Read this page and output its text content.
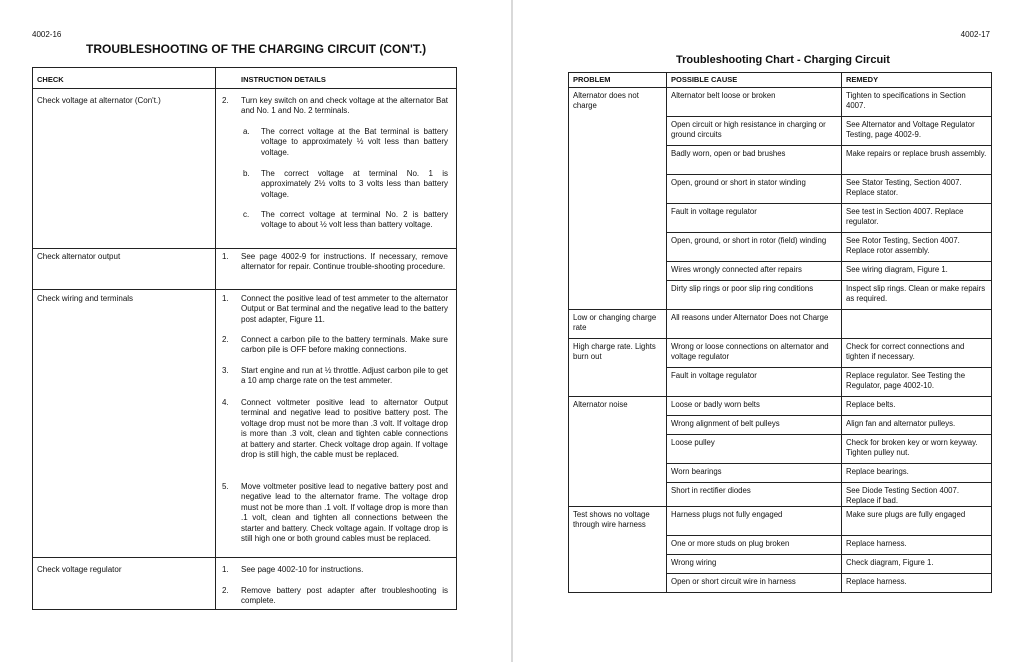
4002-16
TROUBLESHOOTING OF THE CHARGING CIRCUIT (CON'T.)
CHECK	INSTRUCTION DETAILS
Check voltage at alternator (Con't.)	2. Turn key switch on and check voltage at the alternator Bat and No. 1 and No. 2 terminals.
a. The correct voltage at the Bat terminal is battery voltage to approximately ½ volt less than battery voltage.
b. The correct voltage at terminal No. 1 is approximately 2½ volts to 3 volts less than battery voltage.
c. The correct voltage at terminal No. 2 is battery voltage to about ½ volt less than battery voltage.
Check alternator output	1. See page 4002-9 for instructions. If necessary, remove alternator for repair. Continue trouble-shooting procedure.
Check wiring and terminals	1. Connect the positive lead of test ammeter to the alternator Output or Bat terminal and the negative lead to the battery post adapter, Figure 11.
2. Connect a carbon pile to the battery terminals. Make sure carbon pile is OFF before making connections.
3. Start engine and run at ½ throttle. Adjust carbon pile to get a 10 amp charge rate on the test ammeter.
4. Connect voltmeter positive lead to alternator Output terminal and negative lead to positive battery post. The voltage drop must not be more than .3 volt. If voltage drop is more than .3 volt, clean and tighten cable connections at battery and starter. Check voltage drop again. If voltage drop is still high, the cable must be replaced.
5. Move voltmeter positive lead to negative battery post and negative lead to the alternator frame. The voltage drop must not be more than .1 volt. If voltage drop is more than .1 volt, clean and tighten all connections between the starter and battery. Check voltage again. If voltage drop is still high one or both ground cables must be replaced.
Check voltage regulator	1. See page 4002-10 for instructions.
2. Remove battery post adapter after troubleshooting is complete.
4002-17
Troubleshooting Chart - Charging Circuit
PROBLEM	POSSIBLE CAUSE	REMEDY
Alternator does not charge	Alternator belt loose or broken	Tighten to specifications in Section 4007.
	Open circuit or high resistance in charging or ground circuits	See Alternator and Voltage Regulator Testing, page 4002-9.
	Badly worn, open or bad brushes	Make repairs or replace brush assembly.
	Open, ground or short in stator winding	See Stator Testing, Section 4007. Replace stator.
	Fault in voltage regulator	See test in Section 4007. Replace regulator.
	Open, ground, or short in rotor (field) winding	See Rotor Testing, Section 4007. Replace rotor assembly.
	Wires wrongly connected after repairs	See wiring diagram, Figure 1.
	Dirty slip rings or poor slip ring conditions	Inspect slip rings. Clean or make repairs as required.
Low or changing charge rate	All reasons under Alternator Does not Charge	
High charge rate. Lights burn out	Wrong or loose connections on alternator and voltage regulator	Check for correct connections and tighten if necessary.
	Fault in voltage regulator	Replace regulator. See Testing the Regulator, page 4002-10.
Alternator noise	Loose or badly worn belts	Replace belts.
	Wrong alignment of belt pulleys	Align fan and alternator pulleys.
	Loose pulley	Check for broken key or worn keyway. Tighten pulley nut.
	Worn bearings	Replace bearings.
	Short in rectifier diodes	See Diode Testing Section 4007. Replace if bad.
Test shows no voltage through wire harness	Harness plugs not fully engaged	Make sure plugs are fully engaged
	One or more studs on plug broken	Replace harness.
	Wrong wiring	Check diagram, Figure 1.
	Open or short circuit wire in harness	Replace harness.
